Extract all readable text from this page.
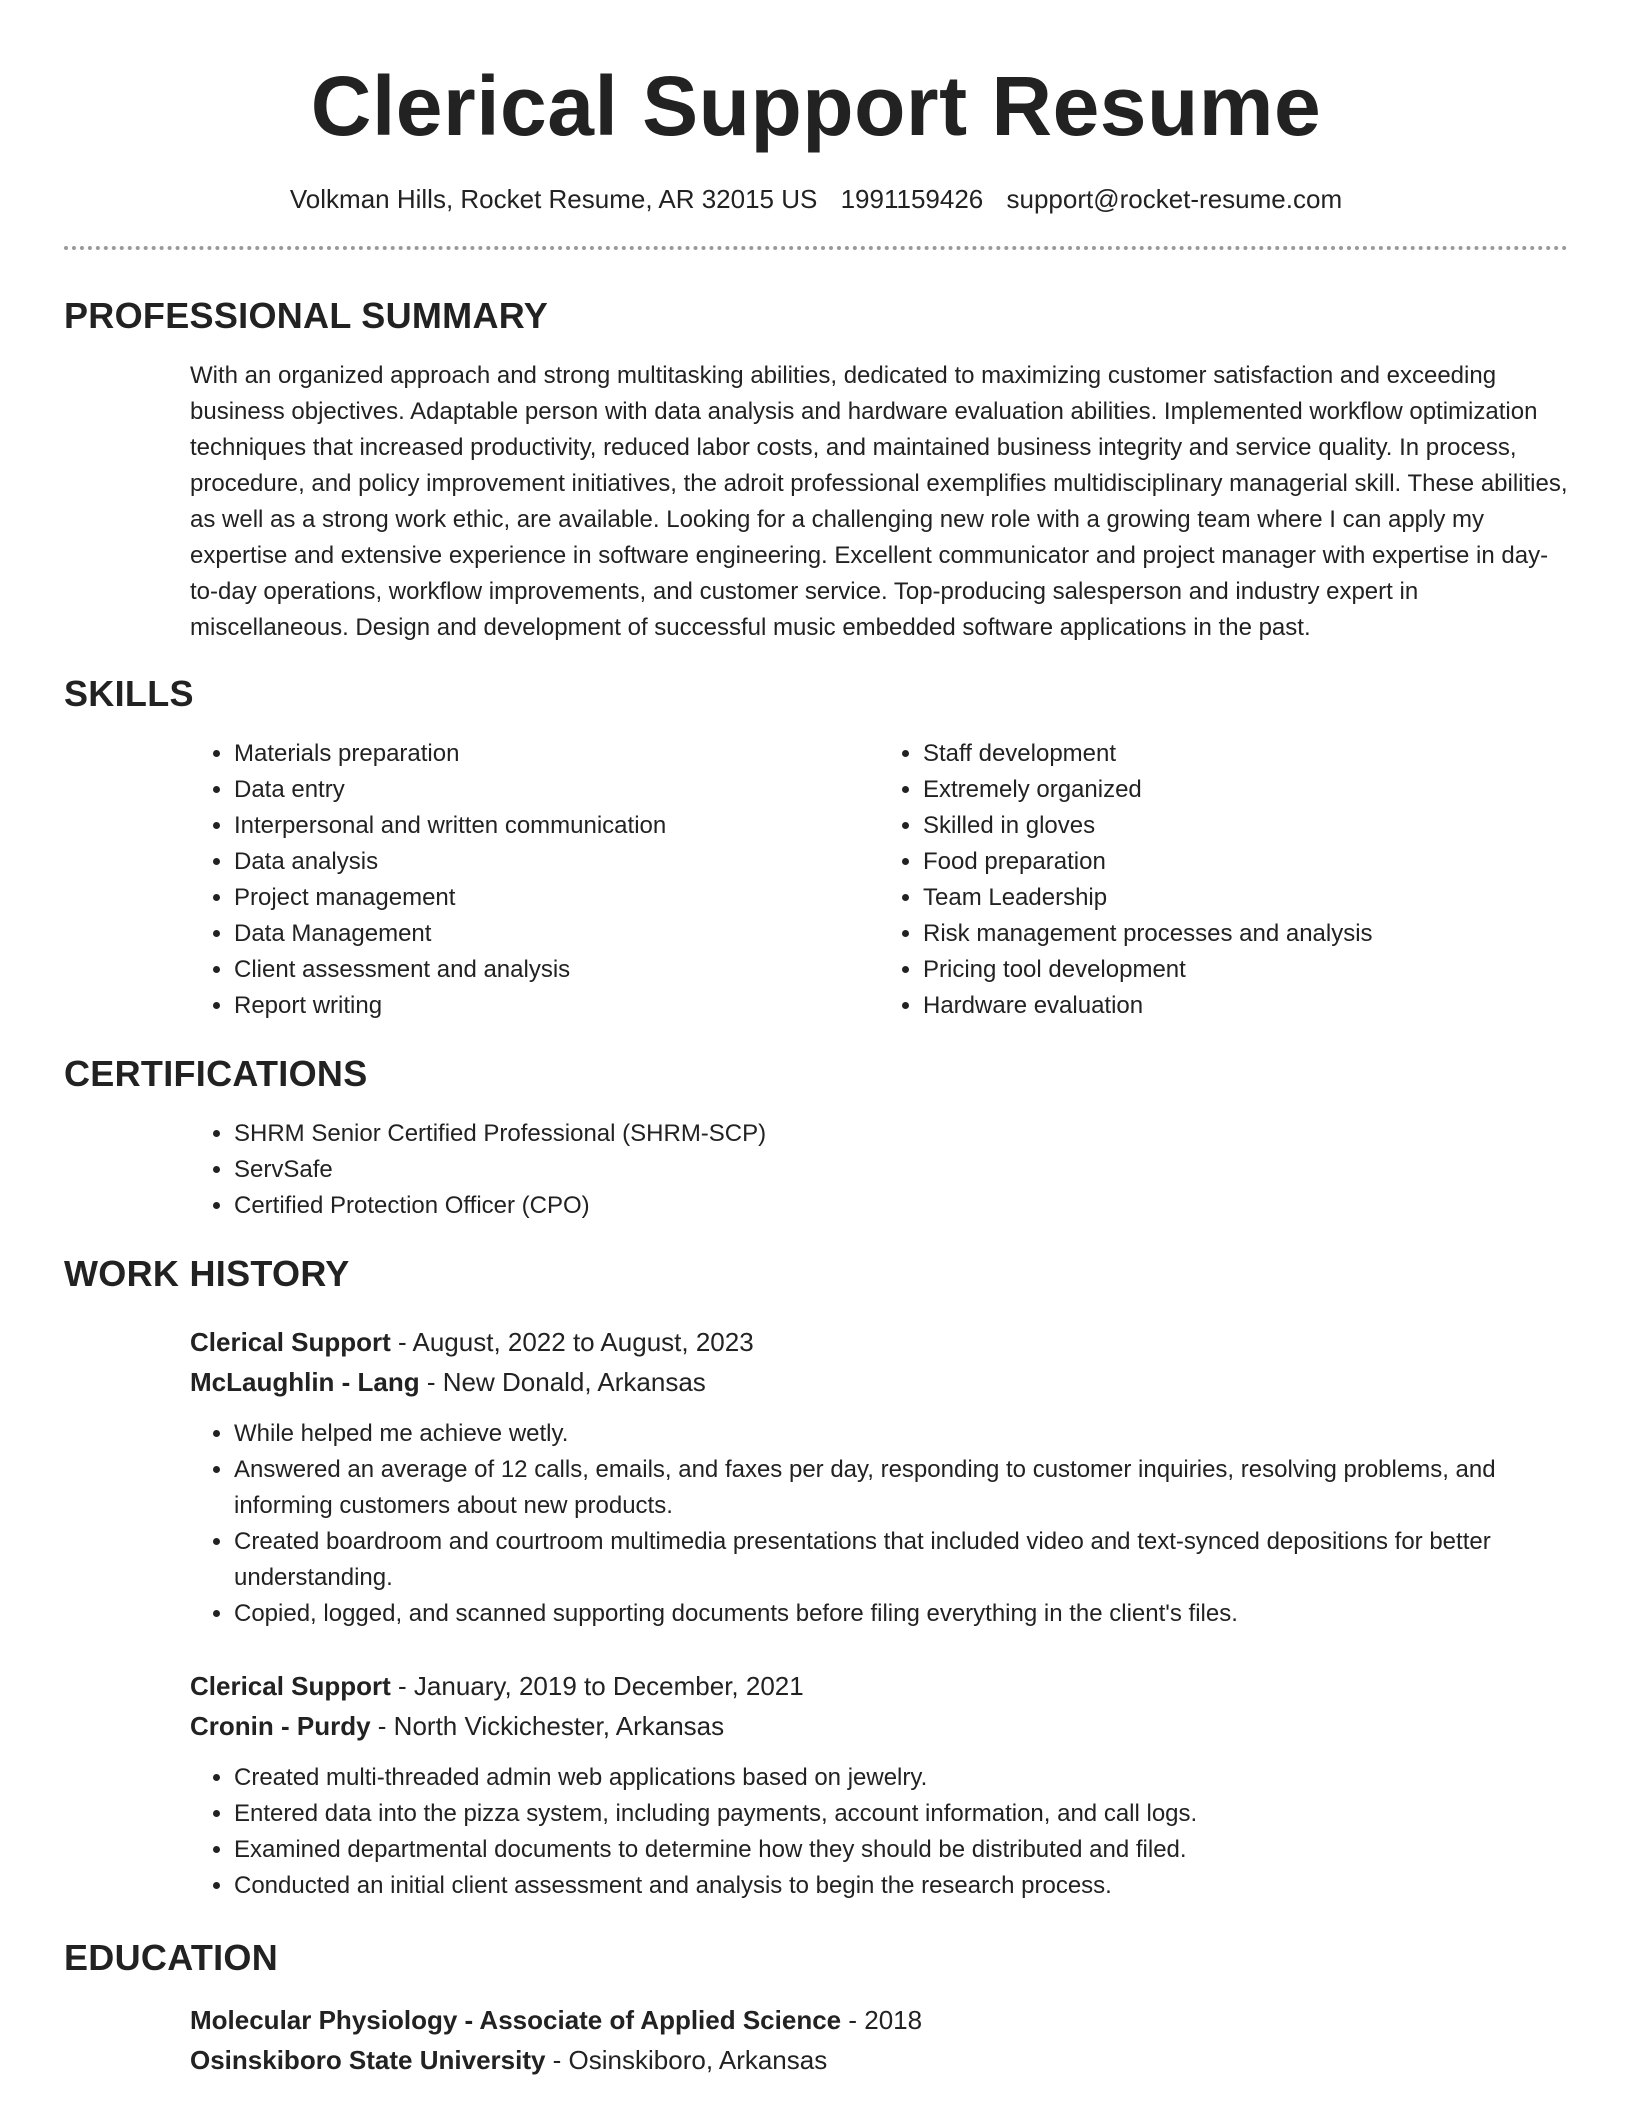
Clerical Support Resume
Volkman Hills, Rocket Resume, AR 32015 US 1991159426 support@rocket-resume.com
PROFESSIONAL SUMMARY
With an organized approach and strong multitasking abilities, dedicated to maximizing customer satisfaction and exceeding business objectives. Adaptable person with data analysis and hardware evaluation abilities. Implemented workflow optimization techniques that increased productivity, reduced labor costs, and maintained business integrity and service quality. In process, procedure, and policy improvement initiatives, the adroit professional exemplifies multidisciplinary managerial skill. These abilities, as well as a strong work ethic, are available. Looking for a challenging new role with a growing team where I can apply my expertise and extensive experience in software engineering. Excellent communicator and project manager with expertise in day-to-day operations, workflow improvements, and customer service. Top-producing salesperson and industry expert in miscellaneous. Design and development of successful music embedded software applications in the past.
SKILLS
• Materials preparation
• Data entry
• Interpersonal and written communication
• Data analysis
• Project management
• Data Management
• Client assessment and analysis
• Report writing
• Staff development
• Extremely organized
• Skilled in gloves
• Food preparation
• Team Leadership
• Risk management processes and analysis
• Pricing tool development
• Hardware evaluation
CERTIFICATIONS
• SHRM Senior Certified Professional (SHRM-SCP)
• ServSafe
• Certified Protection Officer (CPO)
WORK HISTORY
Clerical Support - August, 2022 to August, 2023
McLaughlin - Lang - New Donald, Arkansas
• While helped me achieve wetly.
• Answered an average of 12 calls, emails, and faxes per day, responding to customer inquiries, resolving problems, and informing customers about new products.
• Created boardroom and courtroom multimedia presentations that included video and text-synced depositions for better understanding.
• Copied, logged, and scanned supporting documents before filing everything in the client's files.
Clerical Support - January, 2019 to December, 2021
Cronin - Purdy - North Vickichester, Arkansas
• Created multi-threaded admin web applications based on jewelry.
• Entered data into the pizza system, including payments, account information, and call logs.
• Examined departmental documents to determine how they should be distributed and filed.
• Conducted an initial client assessment and analysis to begin the research process.
EDUCATION
Molecular Physiology - Associate of Applied Science - 2018
Osinskiboro State University - Osinskiboro, Arkansas
